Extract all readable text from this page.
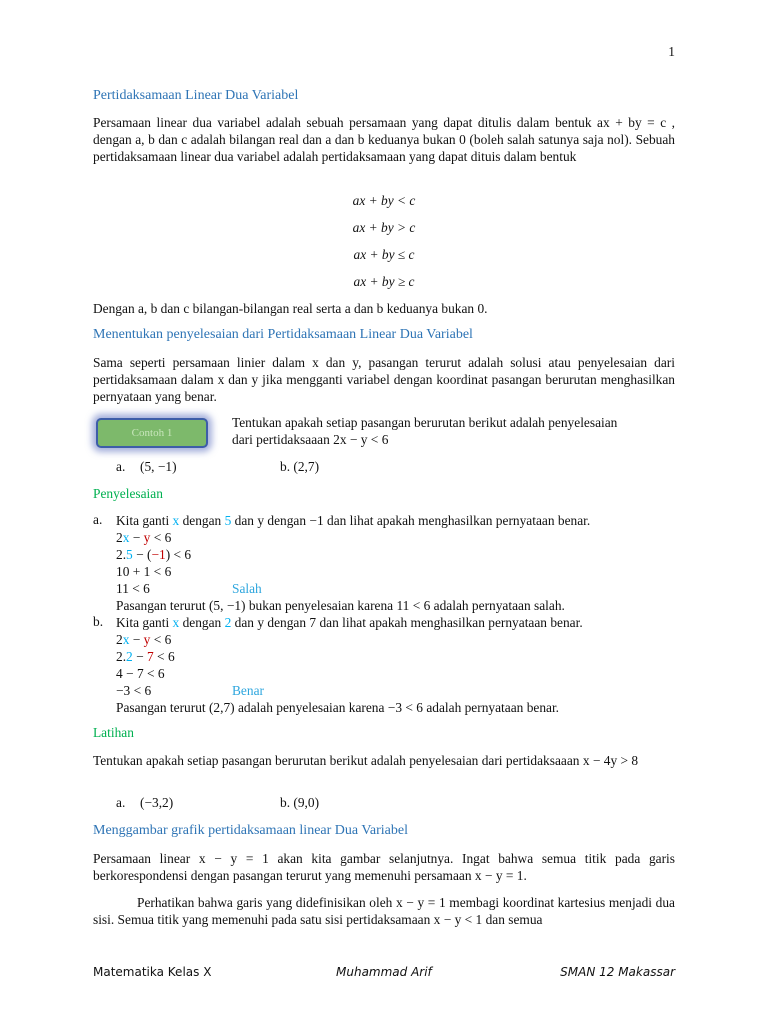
1
Pertidaksamaan Linear Dua Variabel
Persamaan linear dua variabel adalah sebuah persamaan yang dapat ditulis dalam bentuk ax + by = c , dengan a, b dan c adalah bilangan real dan a dan b keduanya bukan 0 (boleh salah satunya saja nol). Sebuah pertidaksamaan linear dua variabel adalah pertidaksamaan yang dapat dituis dalam bentuk
ax + by < c
ax + by > c
ax + by ≤ c
ax + by ≥ c
Dengan a, b dan c bilangan-bilangan real serta a dan b keduanya bukan 0.
Menentukan penyelesaian dari Pertidaksamaan Linear Dua Variabel
Sama seperti persamaan linier dalam x dan y, pasangan terurut adalah solusi atau penyelesaian dari pertidaksamaan dalam x dan y jika mengganti variabel dengan koordinat pasangan berurutan menghasilkan pernyataan yang benar.
Contoh 1
Tentukan apakah setiap pasangan berurutan berikut adalah penyelesaian
dari pertidaksaaan 2x − y < 6
a. (5, −1)	b. (2,7)
Penyelesaian
a. Kita ganti x dengan 5 dan y dengan −1 dan lihat apakah menghasilkan pernyataan benar.
2x − y < 6
2.5 − (−1) < 6
10 + 1 < 6
11 < 6	Salah
Pasangan terurut (5, −1) bukan penyelesaian karena 11 < 6 adalah pernyataan salah.
b. Kita ganti x dengan 2 dan y dengan 7 dan lihat apakah menghasilkan pernyataan benar.
2x − y < 6
2.2 − 7 < 6
4 − 7 < 6
−3 < 6	Benar
Pasangan terurut (2,7) adalah penyelesaian karena −3 < 6 adalah pernyataan benar.
Latihan
Tentukan apakah setiap pasangan berurutan berikut adalah penyelesaian dari pertidaksaaan x − 4y > 8
a. (−3,2)	b. (9,0)
Menggambar grafik pertidaksamaan linear Dua Variabel
Persamaan linear x − y = 1 akan kita gambar selanjutnya. Ingat bahwa semua titik pada garis berkorespondensi dengan pasangan terurut yang memenuhi persamaan x − y = 1.
Perhatikan bahwa garis yang didefinisikan oleh x − y = 1 membagi koordinat kartesius menjadi dua sisi. Semua titik yang memenuhi pada satu sisi pertidaksamaan x − y < 1 dan semua
Matematika Kelas X	Muhammad Arif	SMAN 12 Makassar
